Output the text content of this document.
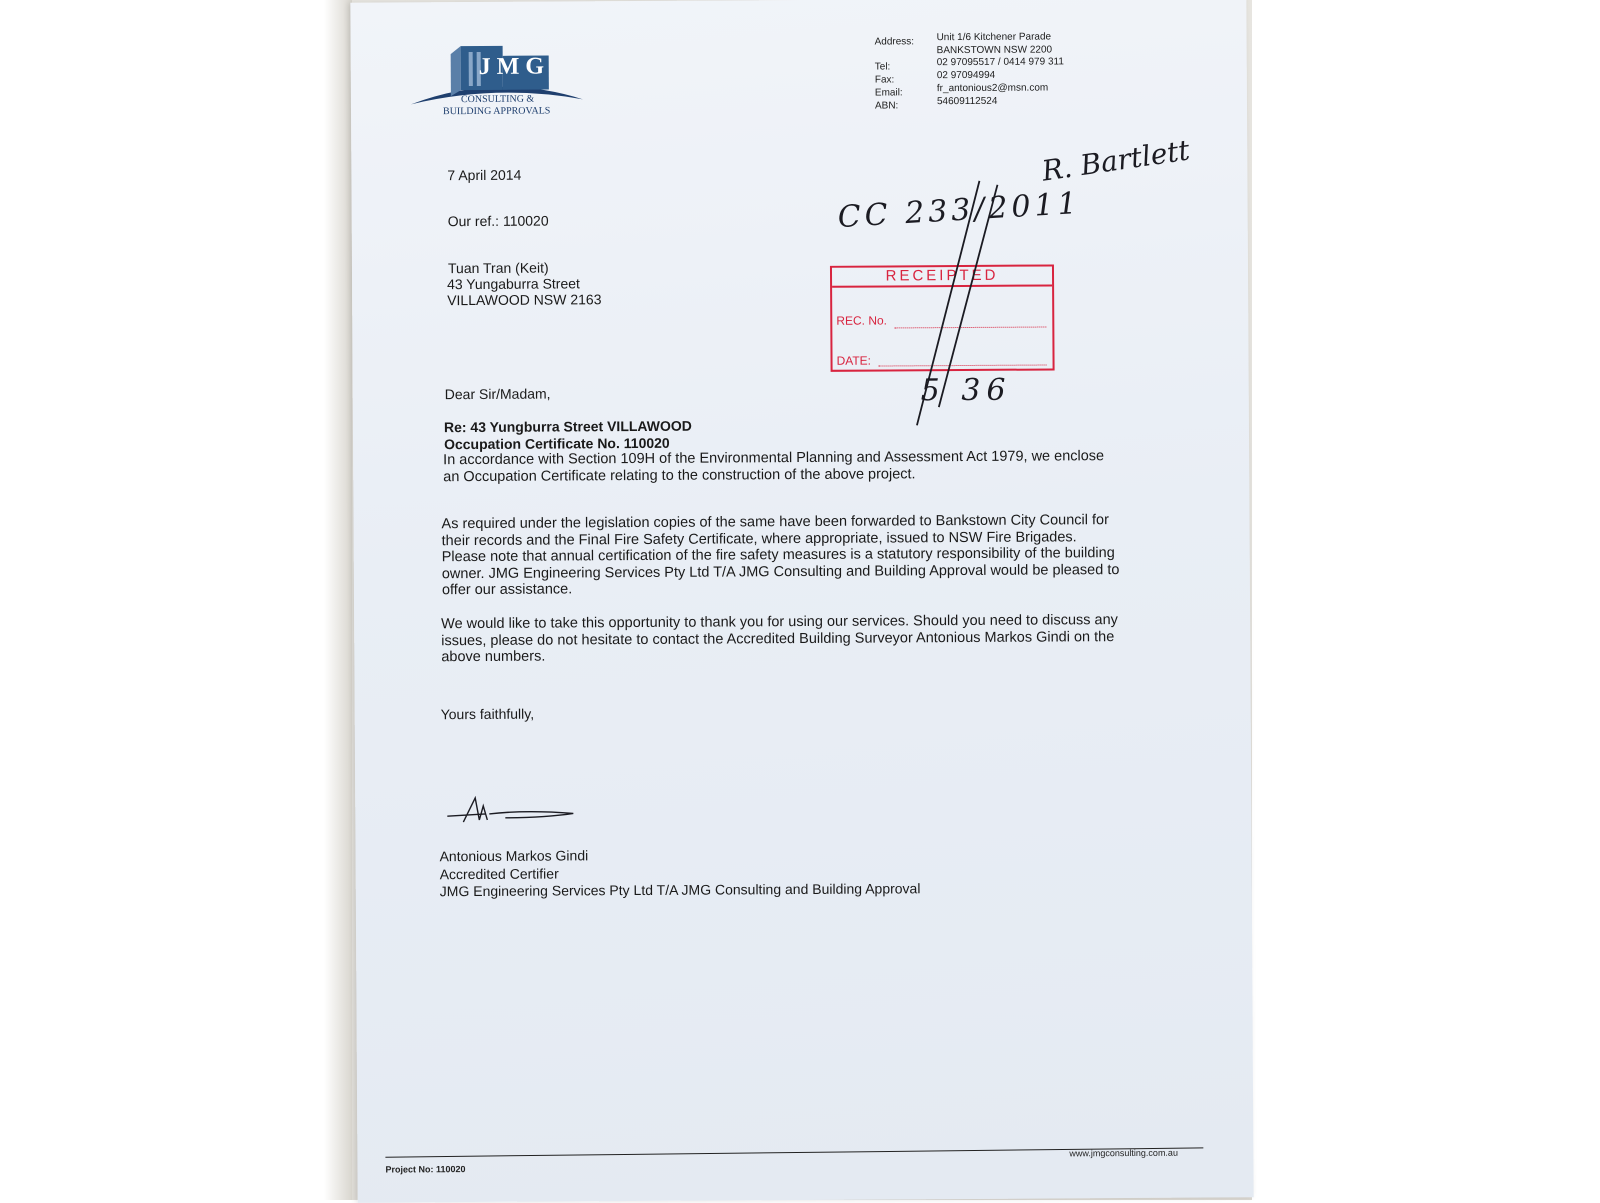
JMG
CONSULTING &
BUILDING APPROVALS
Address: Unit 1/6 Kitchener Parade
BANKSTOWN NSW 2200
Tel:	02 97095517 / 0414 979 311
Fax:	02 97094994
Email:	fr_antonious2@msn.com
ABN:	54609112524
7 April 2014
Our ref.: 110020
Tuan Tran (Keit)
43 Yungaburra Street
VILLAWOOD NSW 2163
Dear Sir/Madam,
Re: 43 Yungburra Street VILLAWOOD
Occupation Certificate No. 110020

In accordance with Section 109H of the Environmental Planning and Assessment Act 1979, we enclose an Occupation Certificate relating to the construction of the above project.

As required under the legislation copies of the same have been forwarded to Bankstown City Council for their records and the Final Fire Safety Certificate, where appropriate, issued to NSW Fire Brigades. Please note that annual certification of the fire safety measures is a statutory responsibility of the building owner. JMG Engineering Services Pty Ltd T/A JMG Consulting and Building Approval would be pleased to offer our assistance.

We would like to take this opportunity to thank you for using our services. Should you need to discuss any issues, please do not hesitate to contact the Accredited Building Surveyor Antonious Markos Gindi on the above numbers.

Yours faithfully,
Antonious Markos Gindi
Accredited Certifier
JMG Engineering Services Pty Ltd T/A JMG Consulting and Building Approval
RECEIPTED
REC. No.
DATE:
R. Bartlett
CC 233/2011
5 36
Project No: 110020
www.jmgconsulting.com.au
